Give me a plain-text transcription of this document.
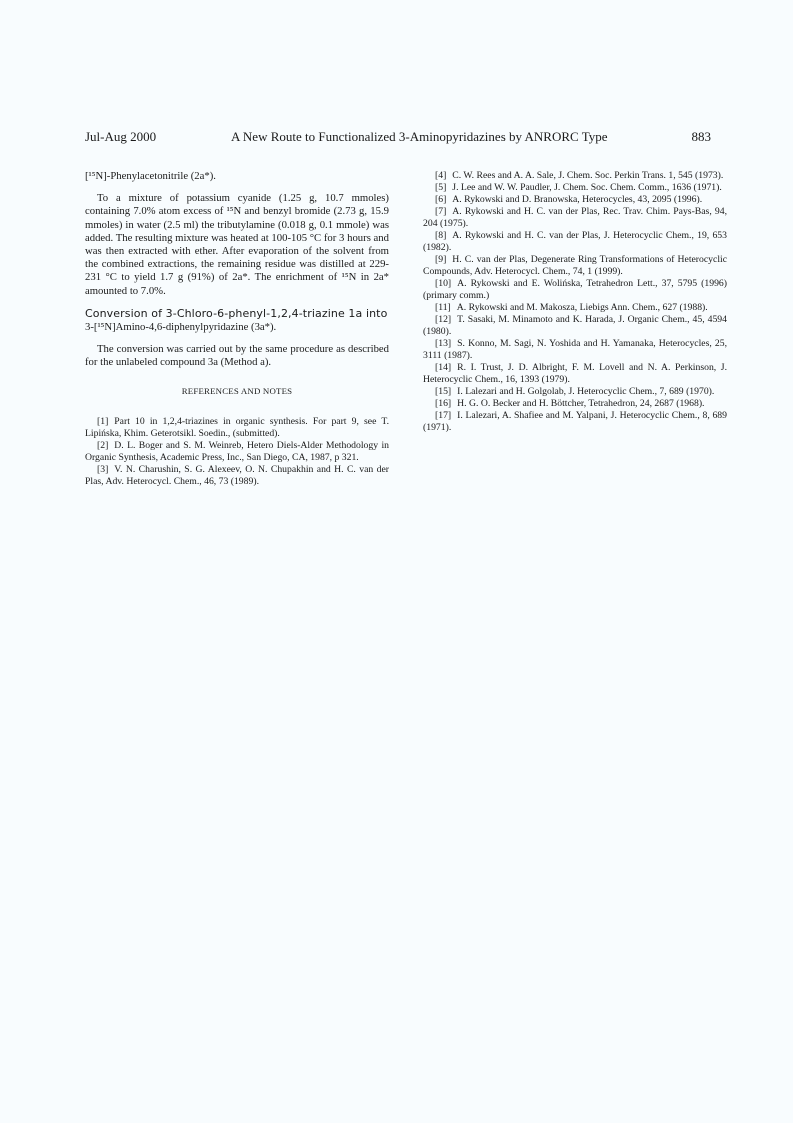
Jul-Aug 2000	A New Route to Functionalized 3-Aminopyridazines by ANRORC Type	883

[¹⁵N]-Phenylacetonitrile (2a*).

To a mixture of potassium cyanide (1.25 g, 10.7 mmoles) containing 7.0% atom excess of ¹⁵N and benzyl bromide (2.73 g, 15.9 mmoles) in water (2.5 ml) the tributylamine (0.018 g, 0.1 mmole) was added. The resulting mixture was heated at 100-105 °C for 3 hours and was then extracted with ether. After evaporation of the solvent from the combined extractions, the remaining residue was distilled at 229-231 °C to yield 1.7 g (91%) of 2a*. The enrichment of ¹⁵N in 2a* amounted to 7.0%.

Conversion of 3-Chloro-6-phenyl-1,2,4-triazine 1a into

3-[¹⁵N]Amino-4,6-diphenylpyridazine (3a*).

The conversion was carried out by the same procedure as described for the unlabeled compound 3a (Method a).

REFERENCES AND NOTES

[1] Part 10 in 1,2,4-triazines in organic synthesis. For part 9, see T. Lipińska, Khim. Geterotsikl. Soedin., (submitted).
[2] D. L. Boger and S. M. Weinreb, Hetero Diels-Alder Methodology in Organic Synthesis, Academic Press, Inc., San Diego, CA, 1987, p 321.
[3] V. N. Charushin, S. G. Alexeev, O. N. Chupakhin and H. C. van der Plas, Adv. Heterocycl. Chem., 46, 73 (1989).
[4] C. W. Rees and A. A. Sale, J. Chem. Soc. Perkin Trans. 1, 545 (1973).
[5] J. Lee and W. W. Paudler, J. Chem. Soc. Chem. Comm., 1636 (1971).
[6] A. Rykowski and D. Branowska, Heterocycles, 43, 2095 (1996).
[7] A. Rykowski and H. C. van der Plas, Rec. Trav. Chim. Pays-Bas, 94, 204 (1975).
[8] A. Rykowski and H. C. van der Plas, J. Heterocyclic Chem., 19, 653 (1982).
[9] H. C. van der Plas, Degenerate Ring Transformations of Heterocyclic Compounds, Adv. Heterocycl. Chem., 74, 1 (1999).
[10] A. Rykowski and E. Wolińska, Tetrahedron Lett., 37, 5795 (1996) (primary comm.)
[11] A. Rykowski and M. Makosza, Liebigs Ann. Chem., 627 (1988).
[12] T. Sasaki, M. Minamoto and K. Harada, J. Organic Chem., 45, 4594 (1980).
[13] S. Konno, M. Sagi, N. Yoshida and H. Yamanaka, Heterocycles, 25, 3111 (1987).
[14] R. I. Trust, J. D. Albright, F. M. Lovell and N. A. Perkinson, J. Heterocyclic Chem., 16, 1393 (1979).
[15] I. Lalezari and H. Golgolab, J. Heterocyclic Chem., 7, 689 (1970).
[16] H. G. O. Becker and H. Böttcher, Tetrahedron, 24, 2687 (1968).
[17] I. Lalezari, A. Shafiee and M. Yalpani, J. Heterocyclic Chem., 8, 689 (1971).
